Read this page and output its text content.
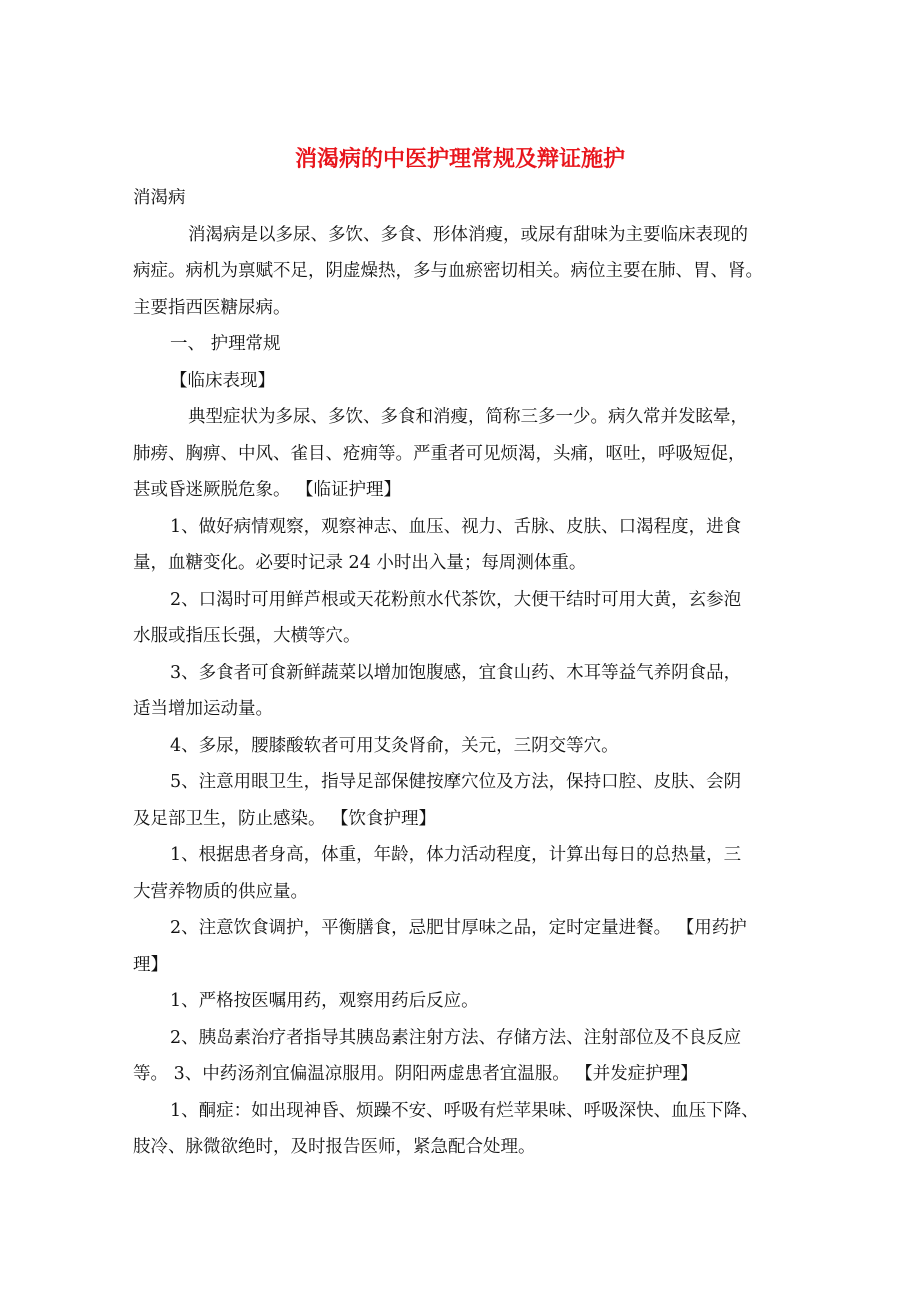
消渴病的中医护理常规及辩证施护

消渴病

消渴病是以多尿、多饮、多食、形体消瘦，或尿有甜味为主要临床表现的

病症。病机为禀赋不足，阴虚燥热，多与血瘀密切相关。病位主要在肺、胃、肾。

主要指西医糖尿病。

一、 护理常规

【临床表现】

典型症状为多尿、多饮、多食和消瘦，简称三多一少。病久常并发眩晕，

肺痨、胸痹、中风、雀目、疮痈等。严重者可见烦渴，头痛，呕吐，呼吸短促，

甚或昏迷厥脱危象。 【临证护理】

1、做好病情观察，观察神志、血压、视力、舌脉、皮肤、口渴程度，进食

量，血糖变化。必要时记录 24 小时出入量；每周测体重。

2、口渴时可用鲜芦根或天花粉煎水代茶饮，大便干结时可用大黄，玄参泡

水服或指压长强，大横等穴。

3、多食者可食新鲜蔬菜以增加饱腹感，宜食山药、木耳等益气养阴食品，

适当增加运动量。

4、多尿，腰膝酸软者可用艾灸肾俞，关元，三阴交等穴。

5、注意用眼卫生，指导足部保健按摩穴位及方法，保持口腔、皮肤、会阴

及足部卫生，防止感染。 【饮食护理】

1、根据患者身高，体重，年龄，体力活动程度，计算出每日的总热量，三

大营养物质的供应量。

2、注意饮食调护，平衡膳食，忌肥甘厚味之品，定时定量进餐。 【用药护

理】

1、严格按医嘱用药，观察用药后反应。

2、胰岛素治疗者指导其胰岛素注射方法、存储方法、注射部位及不良反应

等。 3、中药汤剂宜偏温凉服用。阴阳两虚患者宜温服。 【并发症护理】

1、酮症：如出现神昏、烦躁不安、呼吸有烂苹果味、呼吸深快、血压下降、

肢冷、脉微欲绝时，及时报告医师，紧急配合处理。
